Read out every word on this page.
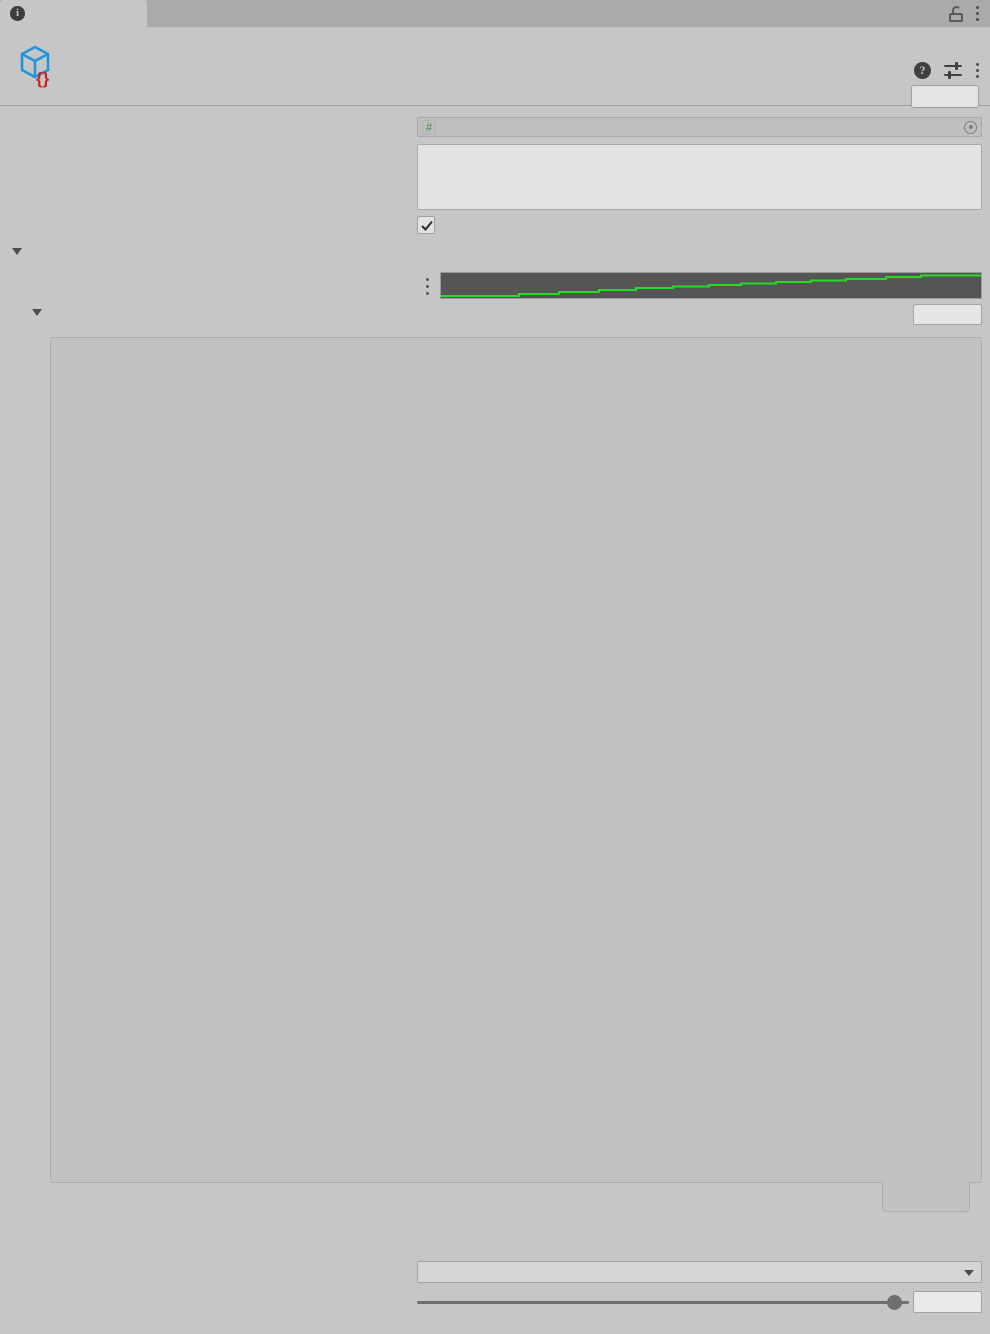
i
{}	?
#
